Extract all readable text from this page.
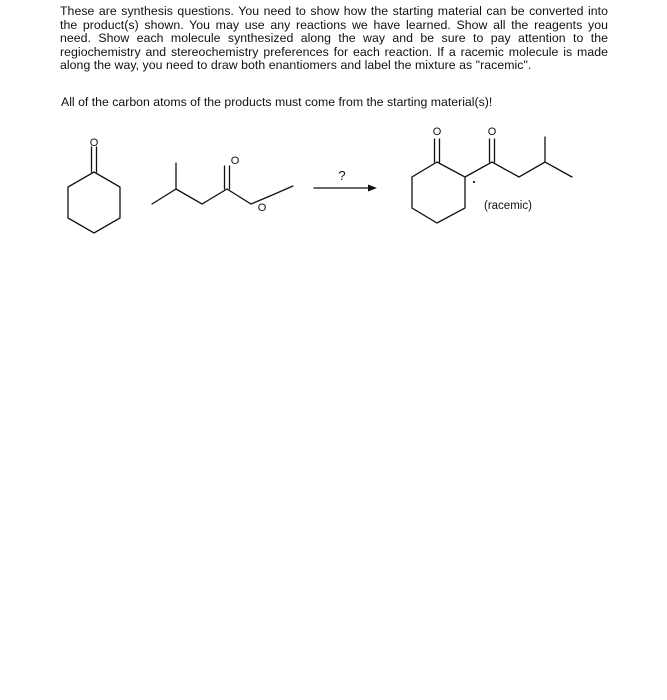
These are synthesis questions. You need to show how the starting material can be converted into the product(s) shown. You may use any reactions we have learned. Show all the reagents you need. Show each molecule synthesized along the way and be sure to pay attention to the regiochemistry and stereochemistry preferences for each reaction. If a racemic molecule is made along the way, you need to draw both enantiomers and label the mixture as "racemic".
All of the carbon atoms of the products must come from the starting material(s)!
O
O
O
?
O	O
(racemic)
